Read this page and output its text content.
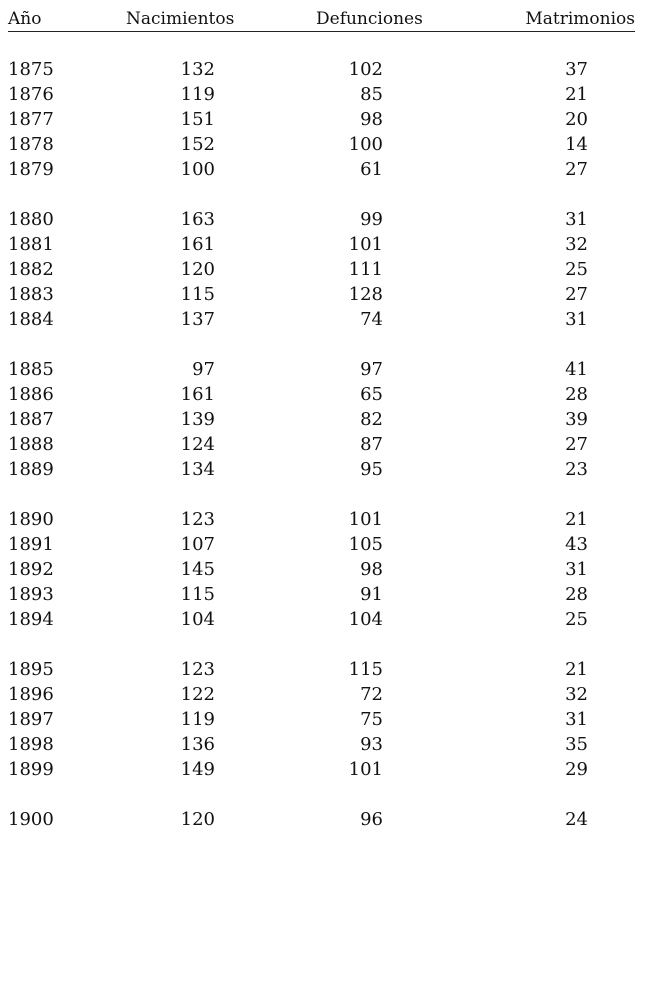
Año	Nacimientos	Defunciones	Matrimonios
1875	132	102	37
1876	119	85	21
1877	151	98	20
1878	152	100	14
1879	100	61	27
1880	163	99	31
1881	161	101	32
1882	120	111	25
1883	115	128	27
1884	137	74	31
1885	97	97	41
1886	161	65	28
1887	139	82	39
1888	124	87	27
1889	134	95	23
1890	123	101	21
1891	107	105	43
1892	145	98	31
1893	115	91	28
1894	104	104	25
1895	123	115	21
1896	122	72	32
1897	119	75	31
1898	136	93	35
1899	149	101	29
1900	120	96	24
